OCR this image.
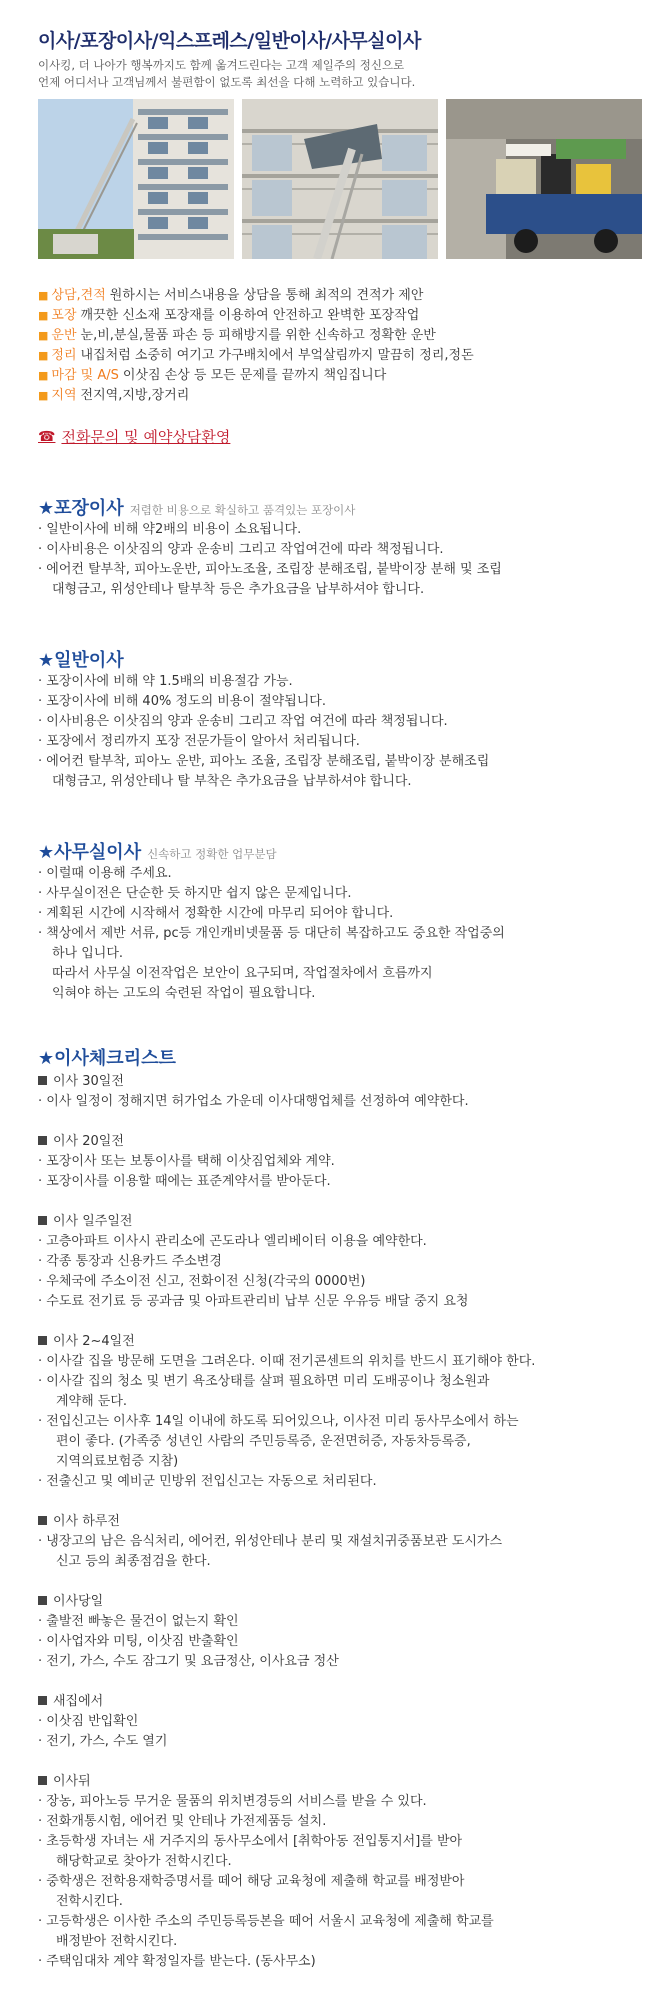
이사/포장이사/익스프레스/일반이사/사무실이사
이사킹, 더 나아가 행복까지도 함께 옮겨드린다는 고객 제일주의 정신으로
언제 어디서나 고객님께서 불편함이 없도록 최선을 다해 노력하고 있습니다.
■ 상담,견적 원하시는 서비스내용을 상담을 통해 최적의 견적가 제안
■ 포장 깨끗한 신소재 포장재를 이용하여 안전하고 완벽한 포장작업
■ 운반 눈,비,분실,물품 파손 등 피해방지를 위한 신속하고 정확한 운반
■ 정리 내집처럼 소중히 여기고 가구배치에서 부엌살림까지 말끔히 정리,정돈
■ 마감 및 A/S 이삿짐 손상 등 모든 문제를 끝까지 책임집니다
■ 지역 전지역,지방,장거리
☎ 전화문의 및 예약상담환영
★포장이사 저렴한 비용으로 확실하고 품격있는 포장이사
· 일반이사에 비해 약2배의 비용이 소요됩니다.
· 이사비용은 이삿짐의 양과 운송비 그리고 작업여건에 따라 책정됩니다.
· 에어컨 탈부착, 피아노운반, 피아노조율, 조립장 분해조립, 붙박이장 분해 및 조립
대형금고, 위성안테나 탈부착 등은 추가요금을 납부하셔야 합니다.
★일반이사
· 포장이사에 비해 약 1.5배의 비용절감 가능.
· 포장이사에 비해 40% 정도의 비용이 절약됩니다.
· 이사비용은 이삿짐의 양과 운송비 그리고 작업 여건에 따라 책정됩니다.
· 포장에서 정리까지 포장 전문가들이 알아서 처리됩니다.
· 에어컨 탈부착, 피아노 운반, 피아노 조율, 조립장 분해조립, 붙박이장 분해조립
대형금고, 위성안테나 탈 부착은 추가요금을 납부하셔야 합니다.
★사무실이사 신속하고 정확한 업무분담
· 이럴때 이용해 주세요.
· 사무실이전은 단순한 듯 하지만 쉽지 않은 문제입니다.
· 계획된 시간에 시작해서 정확한 시간에 마무리 되어야 합니다.
· 책상에서 제반 서류, pc등 개인캐비넷물품 등 대단히 복잡하고도 중요한 작업중의
하나 입니다.
따라서 사무실 이전작업은 보안이 요구되며, 작업절차에서 흐름까지
익혀야 하는 고도의 숙련된 작업이 필요합니다.
★이사체크리스트
이사 30일전
· 이사 일정이 정해지면 허가업소 가운데 이사대행업체를 선정하여 예약한다.
이사 20일전
· 포장이사 또는 보통이사를 택해 이삿짐업체와 계약.
· 포장이사를 이용할 때에는 표준계약서를 받아둔다.
이사 일주일전
· 고층아파트 이사시 관리소에 곤도라나 엘리베이터 이용을 예약한다.
· 각종 통장과 신용카드 주소변경
· 우체국에 주소이전 신고, 전화이전 신청(각국의 0000번)
· 수도료 전기료 등 공과금 및 아파트관리비 납부 신문 우유등 배달 중지 요청
이사 2~4일전
· 이사갈 집을 방문해 도면을 그려온다. 이때 전기콘센트의 위치를 반드시 표기해야 한다.
· 이사갈 집의 청소 및 변기 욕조상태를 살펴 필요하면 미리 도배공이나 청소원과
계약해 둔다.
· 전입신고는 이사후 14일 이내에 하도록 되어있으나, 이사전 미리 동사무소에서 하는
편이 좋다. (가족중 성년인 사람의 주민등록증, 운전면허증, 자동차등록증,
지역의료보험증 지참)
· 전출신고 및 예비군 민방위 전입신고는 자동으로 처리된다.
이사 하루전
· 냉장고의 남은 음식처리, 에어컨, 위성안테나 분리 및 재설치귀중품보관 도시가스
신고 등의 최종점검을 한다.
이사당일
· 출발전 빠놓은 물건이 없는지 확인
· 이사업자와 미팅, 이삿짐 반출확인
· 전기, 가스, 수도 잠그기 및 요금정산, 이사요금 정산
새집에서
· 이삿짐 반입확인
· 전기, 가스, 수도 열기
이사뒤
· 장농, 피아노등 무거운 물품의 위치변경등의 서비스를 받을 수 있다.
· 전화개통시험, 에어컨 및 안테나 가전제품등 설치.
· 초등학생 자녀는 새 거주지의 동사무소에서 [취학아동 전입통지서]를 받아
해당학교로 찾아가 전학시킨다.
· 중학생은 전학용재학증명서를 떼어 해당 교육청에 제출해 학교를 배정받아
전학시킨다.
· 고등학생은 이사한 주소의 주민등록등본을 떼어 서울시 교육청에 제출해 학교를
배정받아 전학시킨다.
· 주택임대차 계약 확정일자를 받는다. (동사무소)
